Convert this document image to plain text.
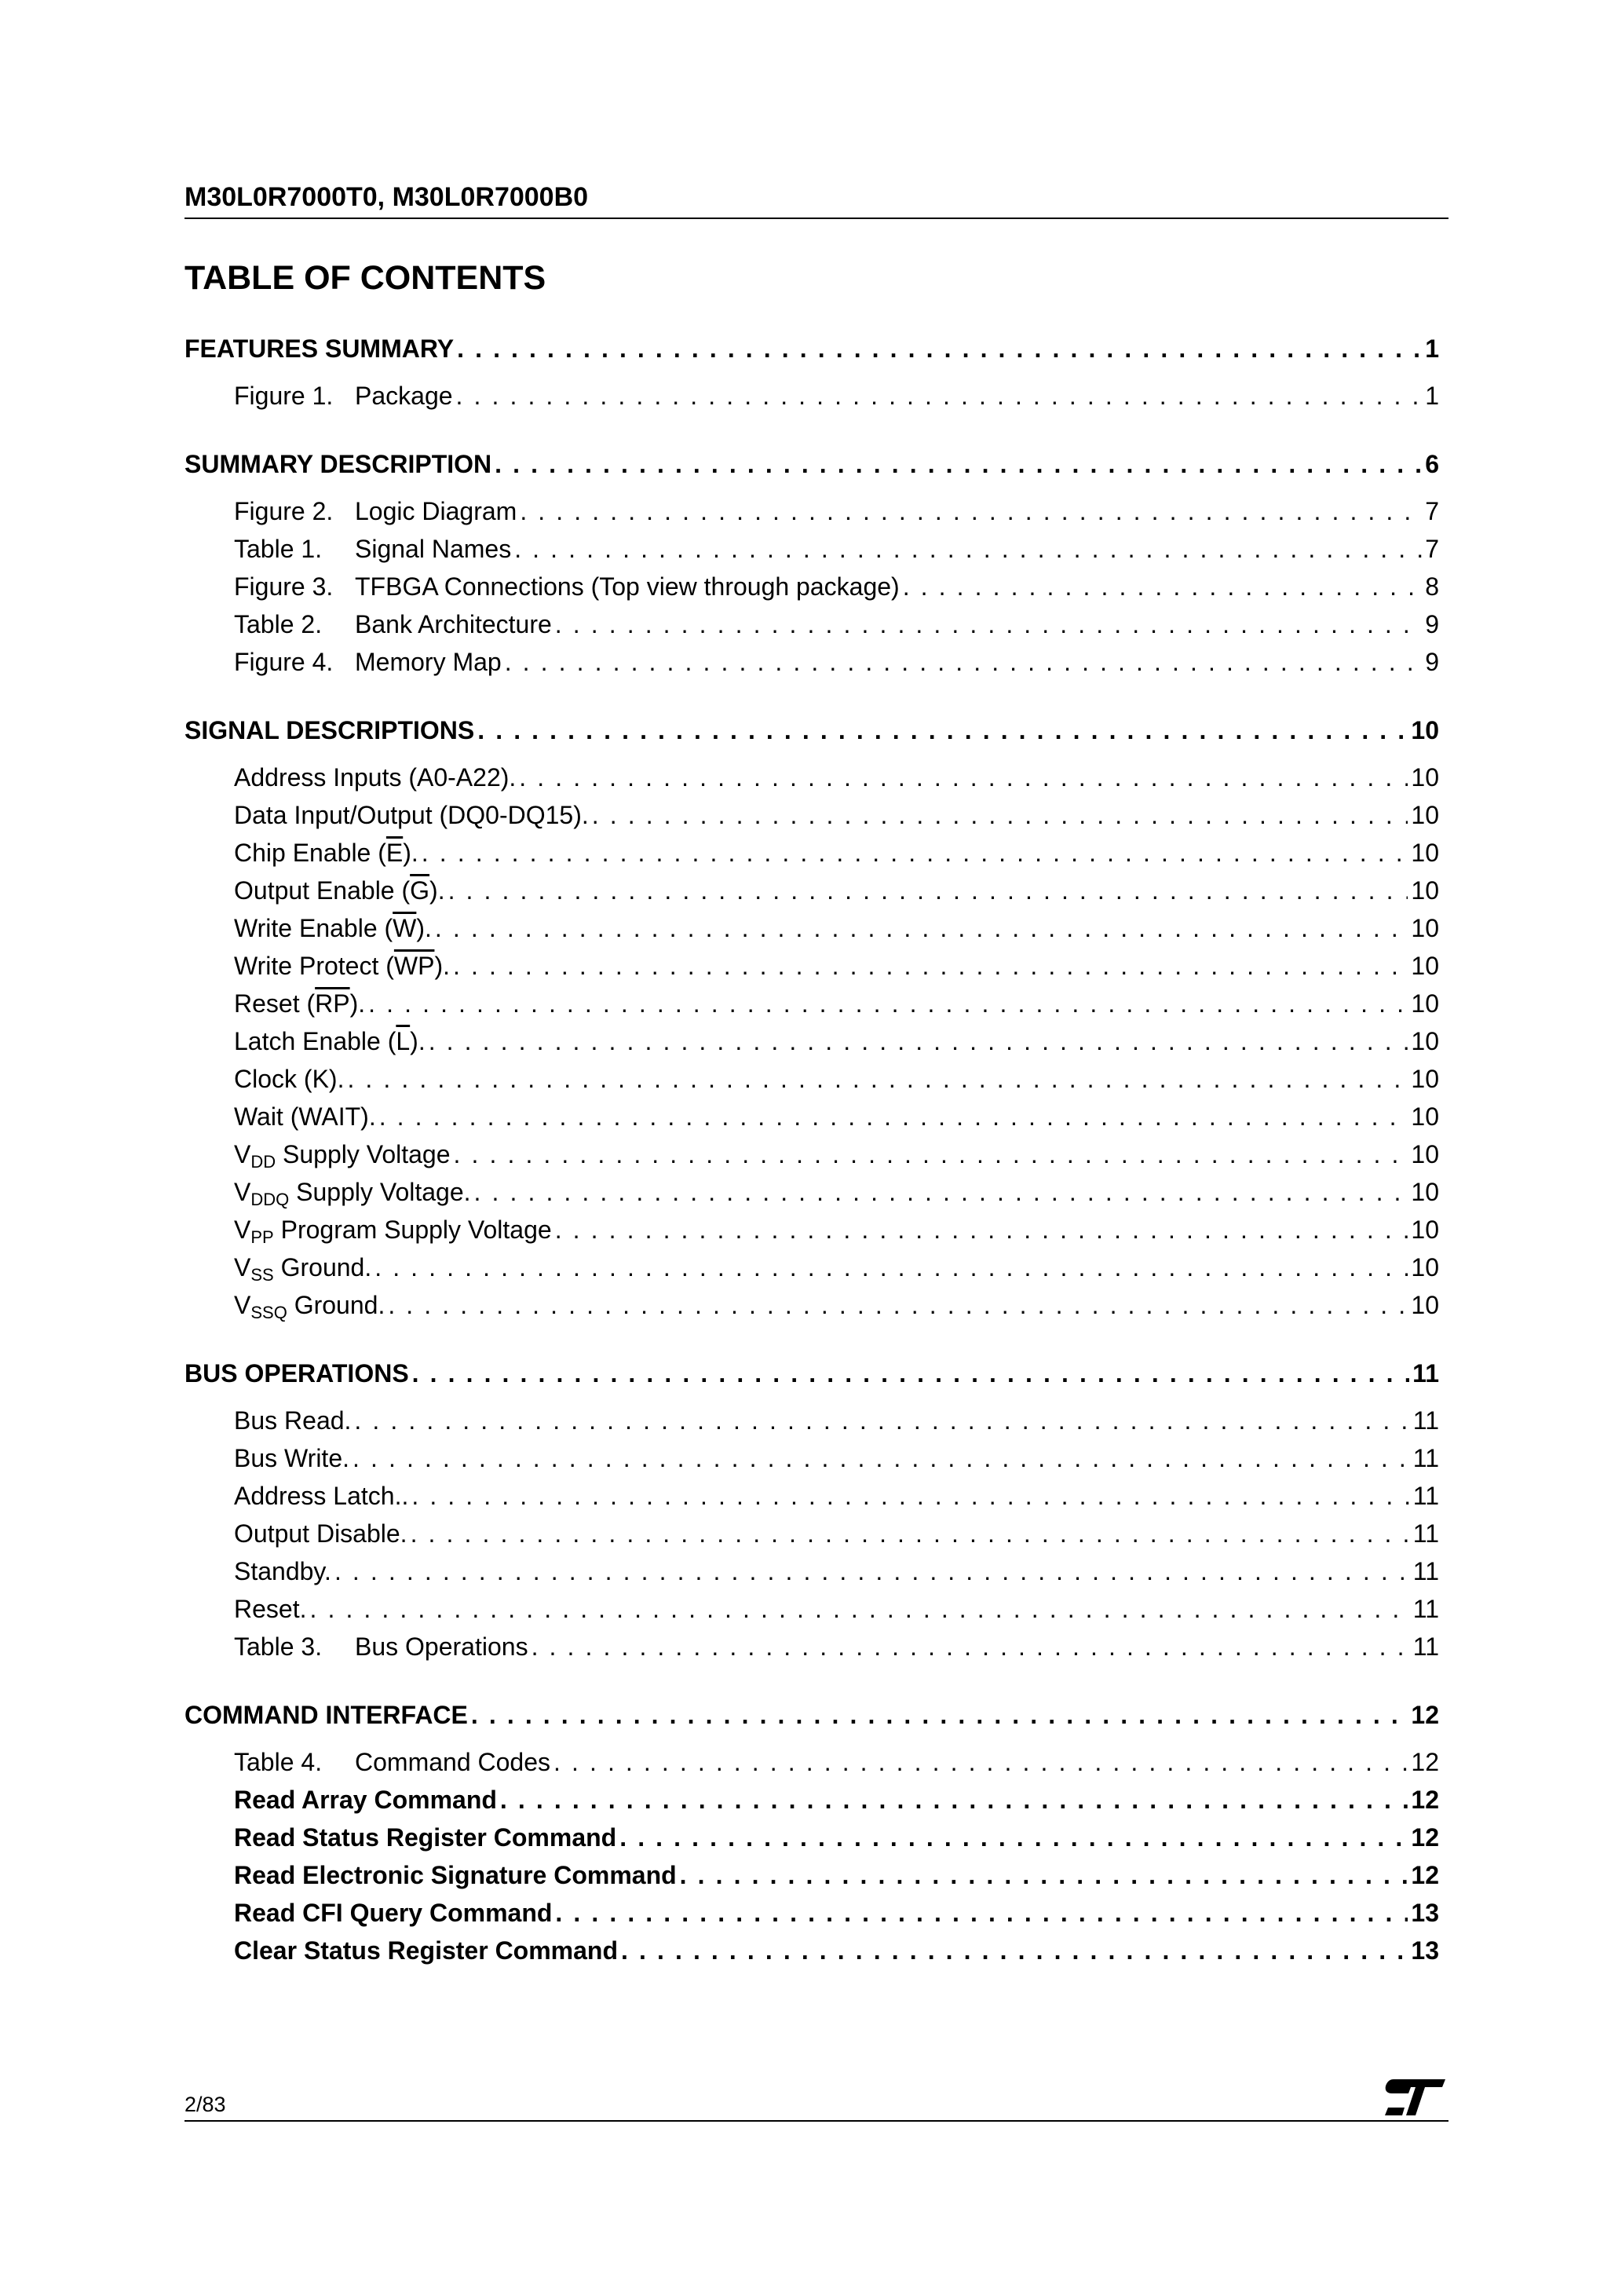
M30L0R7000T0, M30L0R7000B0
TABLE OF CONTENTS
FEATURES SUMMARY . . .	1
Figure 1. Package . . .	1
SUMMARY DESCRIPTION . . .	6
Figure 2. Logic Diagram . . .	7
Table 1.	Signal Names . . .	7
Figure 3. TFBGA Connections (Top view through package) . . .	8
Table 2.	Bank Architecture . . .	9
Figure 4. Memory Map . . .	9
SIGNAL DESCRIPTIONS . . .	10
Address Inputs (A0-A22). . . .	10
Data Input/Output (DQ0-DQ15). . . .	10
Chip Enable $(\overline{E})$. . . .	10
Output Enable $(\overline{G})$. . . .	10
Write Enable $(\overline{W})$. . . .	10
Write Protect $(\overline{WP})$. . . .	10
Reset $(\overline{RP})$. . . .	10
Latch Enable $(\overline{L})$. . . .	10
Clock (K). . . .	10
Wait (WAIT). . . .	10
$V_{DD}$ Supply Voltage . . .	10
$V_{DDQ}$ Supply Voltage. . . .	10
$V_{PP}$ Program Supply Voltage . . .	10
$V_{SS}$ Ground. . . .	10
$V_{SSQ}$ Ground. . . .	10
BUS OPERATIONS . . .	11
Bus Read. . . .	11
Bus Write. . . .	11
Address Latch.. . . .	11
Output Disable. . . .	11
Standby. . . .	11
Reset. . . .	11
Table 3.	Bus Operations . . .	11
COMMAND INTERFACE . . .	12
Table 4.	Command Codes . . .	12
Read Array Command . . .	12
Read Status Register Command . . .	12
Read Electronic Signature Command . . .	12
Read CFI Query Command . . .	13
Clear Status Register Command . . .	13
2/83
